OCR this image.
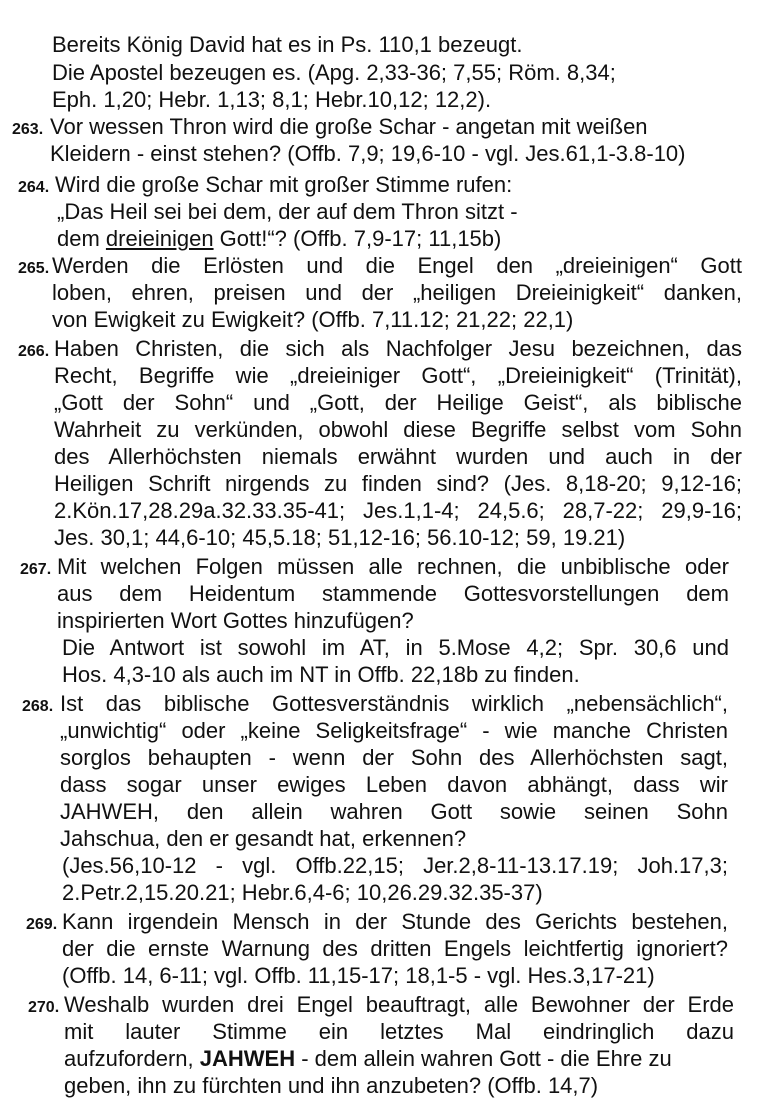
Bereits König David hat es in Ps. 110,1 bezeugt.
Die Apostel bezeugen es. (Apg. 2,33-36; 7,55; Röm. 8,34;
Eph. 1,20; Hebr. 1,13; 8,1; Hebr.10,12; 12,2).
263. Vor wessen Thron wird die große Schar - angetan mit weißen
Kleidern - einst stehen? (Offb. 7,9; 19,6-10 - vgl. Jes.61,1-3.8-10)
264. Wird die große Schar mit großer Stimme rufen:
„Das Heil sei bei dem, der auf dem Thron sitzt -
dem dreieinigen Gott!“? (Offb. 7,9-17; 11,15b)
265. Werden die Erlösten und die Engel den „dreieinigen“ Gott
loben, ehren, preisen und der „heiligen Dreieinigkeit“ danken,
von Ewigkeit zu Ewigkeit? (Offb. 7,11.12; 21,22; 22,1)
266. Haben Christen, die sich als Nachfolger Jesu bezeichnen, das
Recht, Begriffe wie „dreieiniger Gott“, „Dreieinigkeit“ (Trinität),
„Gott der Sohn“ und „Gott, der Heilige Geist“, als biblische
Wahrheit zu verkünden, obwohl diese Begriffe selbst vom Sohn
des Allerhöchsten niemals erwähnt wurden und auch in der
Heiligen Schrift nirgends zu finden sind? (Jes. 8,18-20; 9,12-16;
2.Kön.17,28.29a.32.33.35-41; Jes.1,1-4; 24,5.6; 28,7-22; 29,9-16;
Jes. 30,1; 44,6-10; 45,5.18; 51,12-16; 56.10-12; 59, 19.21)
267. Mit welchen Folgen müssen alle rechnen, die unbiblische oder
aus dem Heidentum stammende Gottesvorstellungen dem
inspirierten Wort Gottes hinzufügen?
Die Antwort ist sowohl im AT, in 5.Mose 4,2; Spr. 30,6 und
Hos. 4,3-10 als auch im NT in Offb. 22,18b zu finden.
268. Ist das biblische Gottesverständnis wirklich „nebensächlich“,
„unwichtig“ oder „keine Seligkeitsfrage“ - wie manche Christen
sorglos behaupten - wenn der Sohn des Allerhöchsten sagt,
dass sogar unser ewiges Leben davon abhängt, dass wir
JAHWEH, den allein wahren Gott sowie seinen Sohn
Jahschua, den er gesandt hat, erkennen?
(Jes.56,10-12 - vgl. Offb.22,15; Jer.2,8-11-13.17.19; Joh.17,3;
2.Petr.2,15.20.21; Hebr.6,4-6; 10,26.29.32.35-37)
269. Kann irgendein Mensch in der Stunde des Gerichts bestehen,
der die ernste Warnung des dritten Engels leichtfertig ignoriert?
(Offb. 14, 6-11; vgl. Offb. 11,15-17; 18,1-5 - vgl. Hes.3,17-21)
270. Weshalb wurden drei Engel beauftragt, alle Bewohner der Erde
mit lauter Stimme ein letztes Mal eindringlich dazu
aufzufordern, JAHWEH - dem allein wahren Gott - die Ehre zu
geben, ihn zu fürchten und ihn anzubeten? (Offb. 14,7)
